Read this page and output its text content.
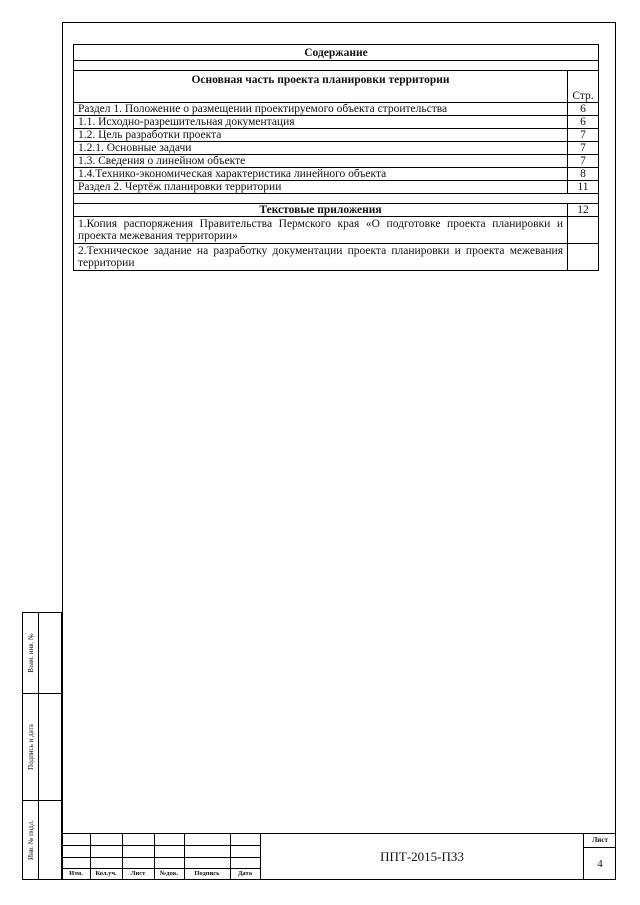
Взам. инв. №
Подпись и дата
Инв. № подл.
Содержание	

Основная часть проекта планировки территории	Стр.
Раздел 1. Положение о размещении проектируемого объекта строительства	6
1.1. Исходно-разрешительная документация	6
1.2. Цель разработки проекта	7
1.2.1. Основные задачи	7
1.3. Сведения о линейном объекте	7
1.4.Технико-экономическая характеристика линейного объекта	8
Раздел 2. Чертёж планировки территории	11

Текстовые приложения	12
1.Копия распоряжения Правительства Пермского края «О подготовке проекта планировки и проекта межевания территории»	
2.Техническое задание на разработку документации проекта планировки и проекта межевания территории	
Изм.	Кол.уч.	Лист	№док.	Подпись	Дата
ППТ-2015-ПЗ3
Лист
4
